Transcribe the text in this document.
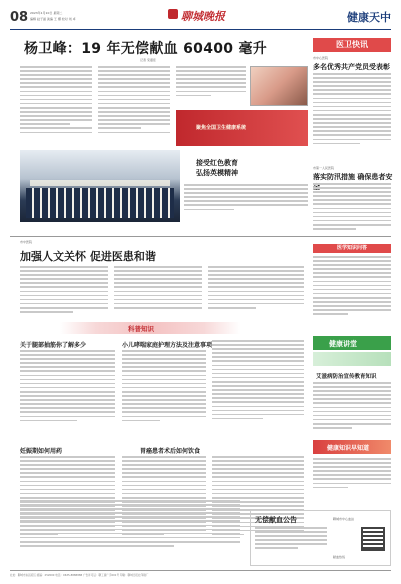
08 2023年1月10日 星期二
编辑 赵子涵 美编 王 娜 校对 刘 卓	聊城晚报	健康天中
杨卫峰：19 年无偿献血 60400 毫升
记者 宋嘉佳
聚焦全国卫生健康系统
接受红色教育
弘扬英模精神
医卫快讯
市中心医院
多名优秀共产党员受表彰
市第一人民医院
落实防汛措施 确保患者安
市中医院
加强人文关怀 促进医患和谐
医学知识问答
科普知识
关于腿部抽筋你了解多少	小儿哮喘家庭护理方法及注意事项
妊娠期如何用药	胃癌患者术后如何饮食
健康讲堂
艾滋病防治宣传教育知识
健康知识早知道
无偿献血公告	聊城市中心血站
献血热线
社址：聊城市东昌府区 邮编：252000 电话：0635-8888888 广告许可证：聊工商广字001号 印刷：聊城日报社印刷厂
